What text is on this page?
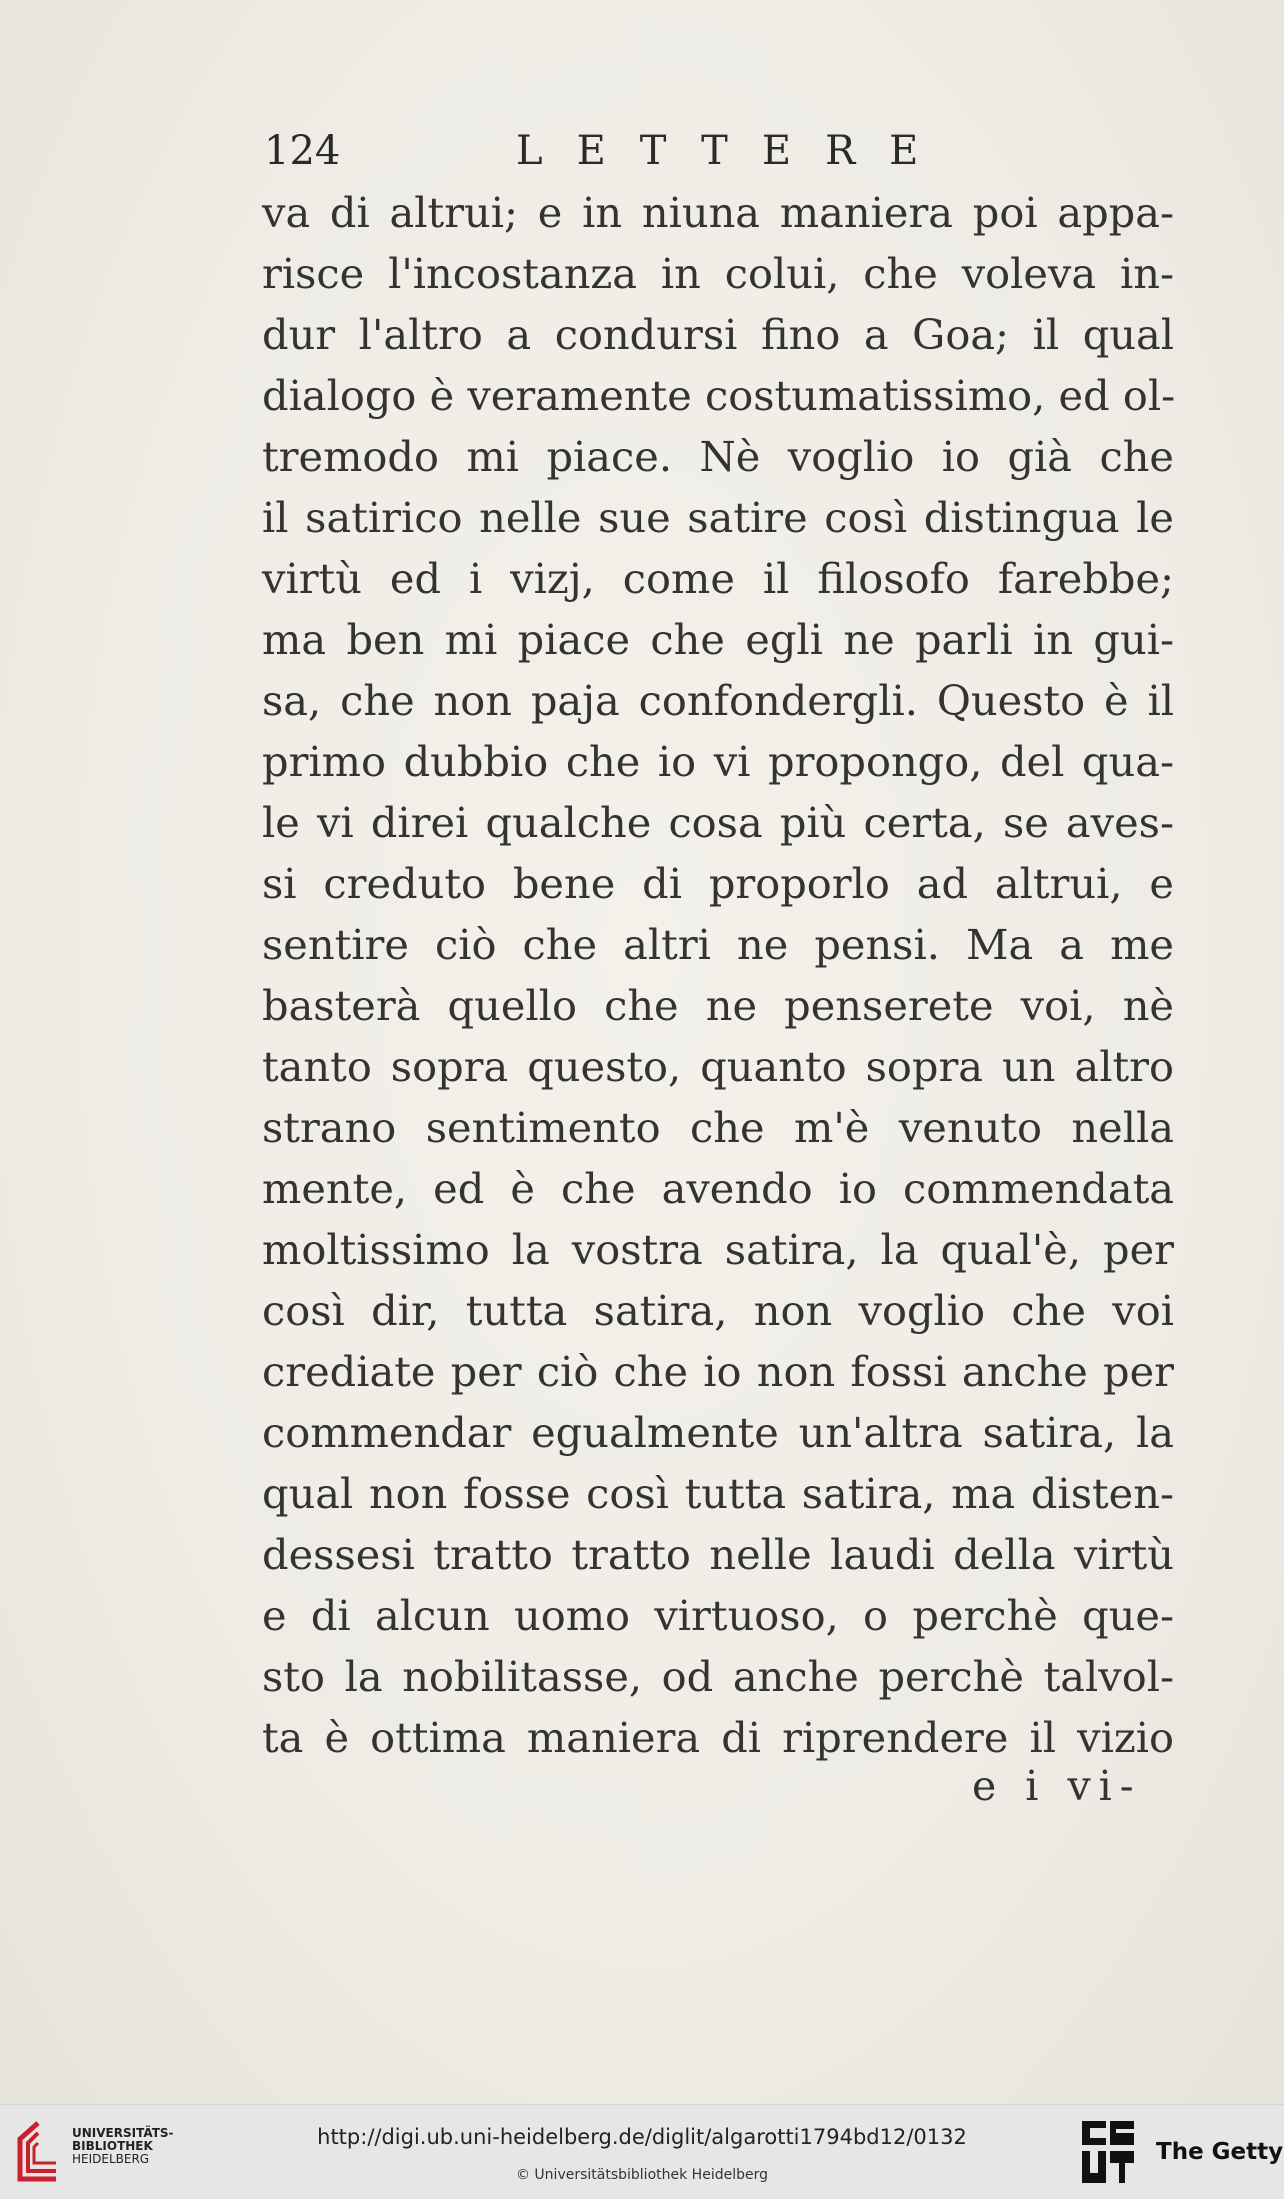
124	LETTERE
va di altrui; e in niuna maniera poi appa-
risce l'incostanza in colui, che voleva in-
dur l'altro a condursi fino a Goa; il qual
dialogo è veramente costumatissimo, ed ol-
tremodo mi piace. Nè voglio io già che
il satirico nelle sue satire così distingua le
virtù ed i vizj, come il filosofo farebbe;
ma ben mi piace che egli ne parli in gui-
sa, che non paja confondergli. Questo è il
primo dubbio che io vi propongo, del qua-
le vi direi qualche cosa più certa, se aves-
si creduto bene di proporlo ad altrui, e
sentire ciò che altri ne pensi. Ma a me
basterà quello che ne penserete voi, nè
tanto sopra questo, quanto sopra un altro
strano sentimento che m'è venuto nella
mente, ed è che avendo io commendata
moltissimo la vostra satira, la qual'è, per
così dir, tutta satira, non voglio che voi
crediate per ciò che io non fossi anche per
commendar egualmente un'altra satira, la
qual non fosse così tutta satira, ma disten-
dessesi tratto tratto nelle laudi della virtù
e di alcun uomo virtuoso, o perchè que-
sto la nobilitasse, od anche perchè talvol-
ta è ottima maniera di riprendere il vizio
e i vi-
UNIVERSITÄTS-
BIBLIOTHEK
HEIDELBERG
http://digi.ub.uni-heidelberg.de/diglit/algarotti1794bd12/0132
© Universitätsbibliothek Heidelberg
The Getty
